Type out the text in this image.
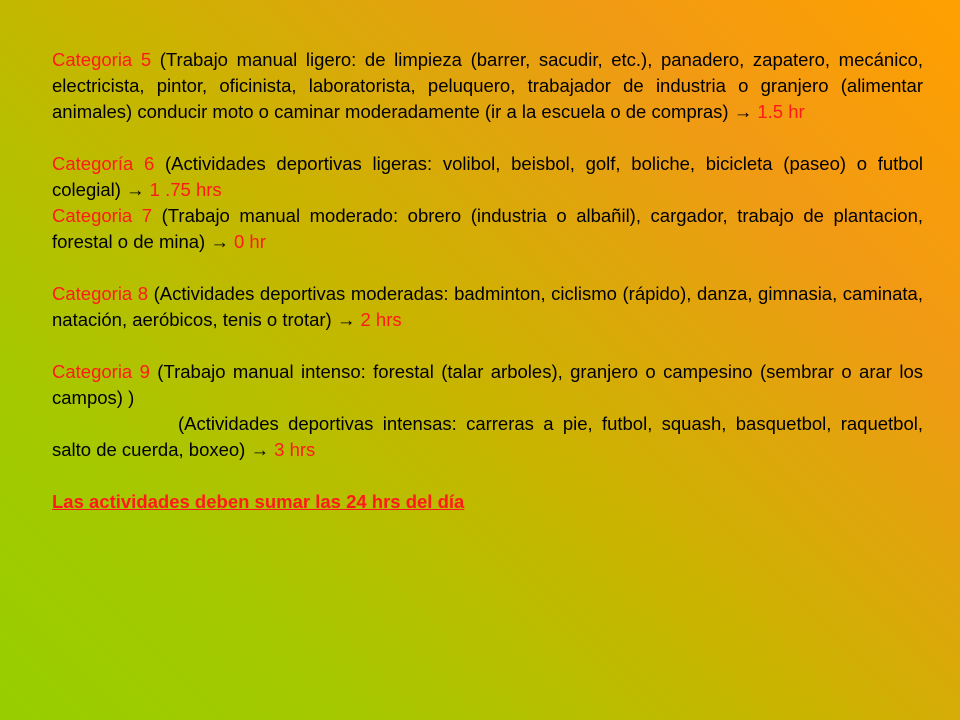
Categoria 5 (Trabajo manual ligero: de limpieza (barrer, sacudir, etc.), panadero, zapatero, mecánico, electricista, pintor, oficinista, laboratorista, peluquero, trabajador de industria o granjero (alimentar animales) conducir moto o caminar moderadamente (ir a la escuela o de compras) → 1.5 hr

Categoría 6 (Actividades deportivas ligeras: volibol, beisbol, golf, boliche, bicicleta (paseo) o futbol colegial) → 1 .75 hrs

Categoria 7 (Trabajo manual moderado: obrero (industria o albañil), cargador, trabajo de plantacion, forestal o de mina) → 0 hr

Categoria 8 (Actividades deportivas moderadas: badminton, ciclismo (rápido), danza, gimnasia, caminata, natación, aeróbicos, tenis o trotar) → 2 hrs

Categoria 9 (Trabajo manual intenso: forestal (talar arboles), granjero o campesino (sembrar o arar los campos) )

(Actividades deportivas intensas: carreras a pie, futbol, squash, basquetbol, raquetbol, salto de cuerda, boxeo) → 3 hrs

Las actividades deben sumar las 24 hrs del día
